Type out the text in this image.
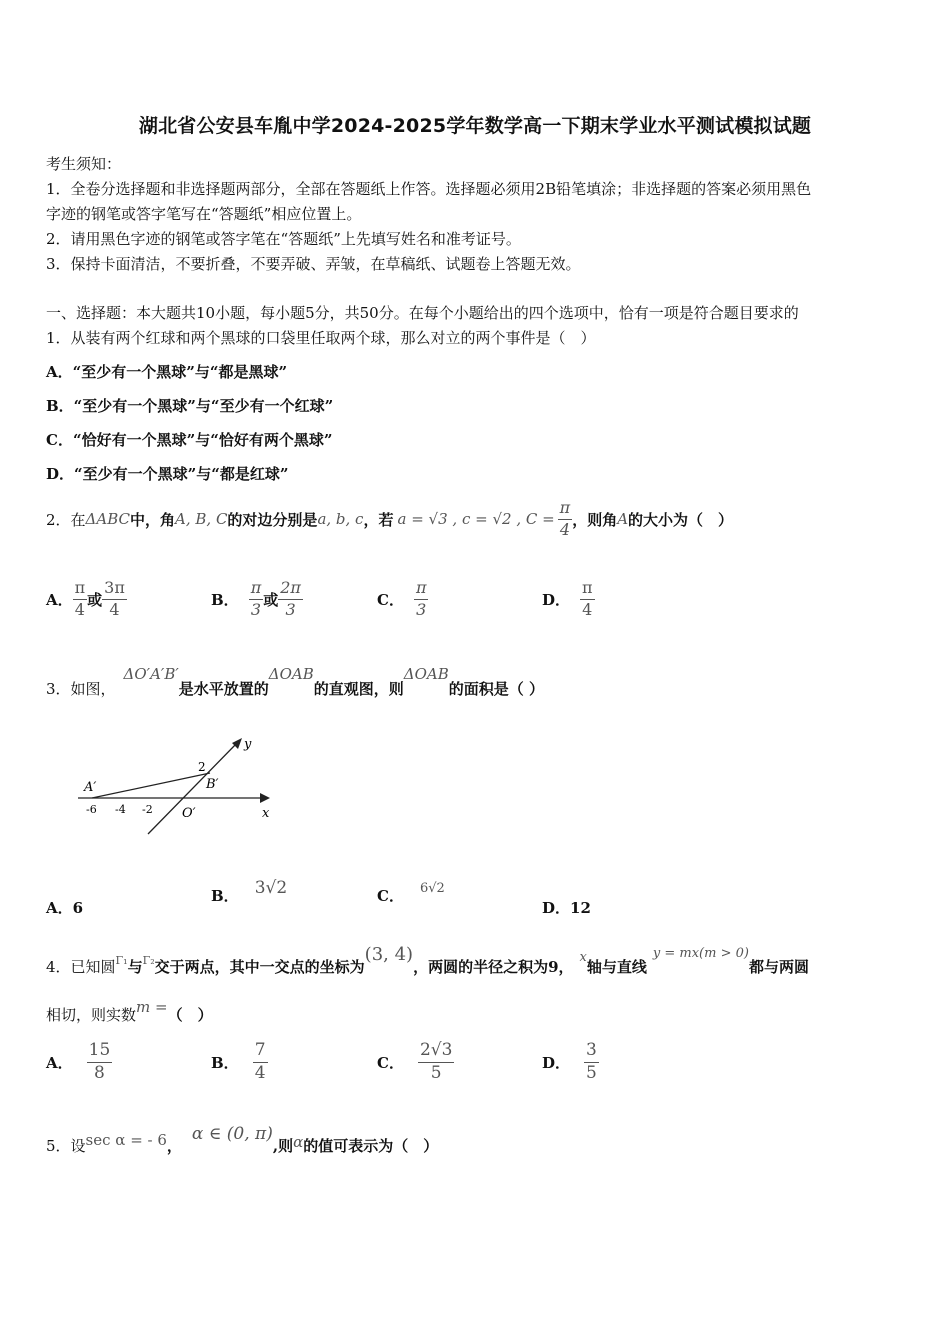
湖北省公安县车胤中学2024-2025学年数学高一下期末学业水平测试模拟试题
考生须知：
1．全卷分选择题和非选择题两部分，全部在答题纸上作答。选择题必须用2B铅笔填涂；非选择题的答案必须用黑色
字迹的钢笔或答字笔写在“答题纸”相应位置上。
2．请用黑色字迹的钢笔或答字笔在“答题纸”上先填写姓名和准考证号。
3．保持卡面清洁，不要折叠，不要弄破、弄皱，在草稿纸、试题卷上答题无效。
一、选择题：本大题共10小题，每小题5分，共50分。在每个小题给出的四个选项中，恰有一项是符合题目要求的
1．从装有两个红球和两个黑球的口袋里任取两个球，那么对立的两个事件是（　）
A．“至少有一个黑球”与“都是黑球”
B．“至少有一个黑球”与“至少有一个红球”
C．“恰好有一个黑球”与“恰好有两个黑球”
D．“至少有一个黑球”与“都是红球”
2．在 ΔABC 中，角 A, B, C 的对边分别是 a, b, c ，若 a = √3 , c = √2 , $C = \frac{\pi}{4}$ ，则角 A 的大小为（　）
A． $\frac{\pi}{4}$ 或 $\frac{3\pi}{4}$	B． $\frac{\pi}{3}$ 或 $\frac{2\pi}{3}$	C． $\frac{\pi}{3}$	D． $\frac{\pi}{4}$
3．如图，
ΔO′A′B′
是水平放置的
ΔOAB
的直观图，则
ΔOAB
的面积是（ ）
y
x
2
A′	B′
O′
-6 -4 -2
A．6
B． 3√2	C． 6√2
D．12
4．已知圆 Γ₁ 与 Γ₂ 交于两点，其中一交点的坐标为
(3, 4)
，两圆的半径之积为9，
x
轴与直线
y = mx(m > 0)
都与两圆
相切，则实数 m = （　）
A． $\frac{15}{8}$	B． $\frac{7}{4}$	C． $\frac{2√3}{5}$	D． $\frac{3}{5}$
5．设 sec α = - 6 ，
α ∈ (0, π)
,则 α 的值可表示为（　）
